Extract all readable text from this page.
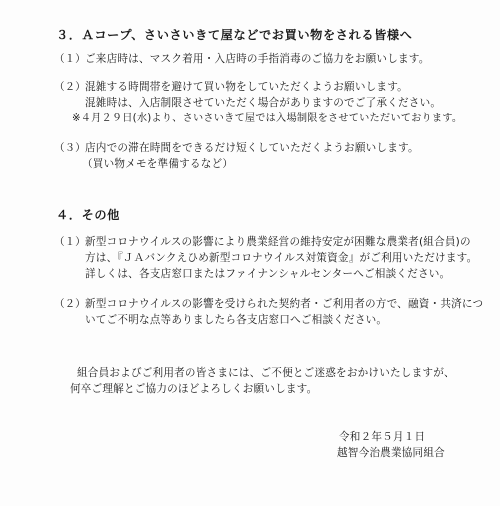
３．Ａコープ、さいさいきて屋などでお買い物をされる皆様へ
（１） ご来店時は、マスク着用・入店時の手指消毒のご協力をお願いします。
（２） 混雑する時間帯を避けて買い物をしていただくようお願いします。
混雑時は、入店制限させていただく場合がありますのでご了承ください。
※４月２９日(水)より、さいさいきて屋では入場制限をさせていただいております。
（３） 店内での滞在時間をできるだけ短くしていただくようお願いします。
（買い物メモを準備するなど）
４．その他
（１） 新型コロナウイルスの影響により農業経営の維持安定が困難な農業者(組合員)の
方は、『ＪＡバンクえひめ新型コロナウイルス対策資金』がご利用いただけます。
詳しくは、各支店窓口またはファイナンシャルセンターへご相談ください。
（２） 新型コロナウイルスの影響を受けられた契約者・ご利用者の方で、融資・共済につ
いてご不明な点等ありましたら各支店窓口へご相談ください。
組合員およびご利用者の皆さまには、ご不便とご迷惑をおかけいたしますが、
何卒ご理解とご協力のほどよろしくお願いします。
令和２年５月１日
越智今治農業協同組合
